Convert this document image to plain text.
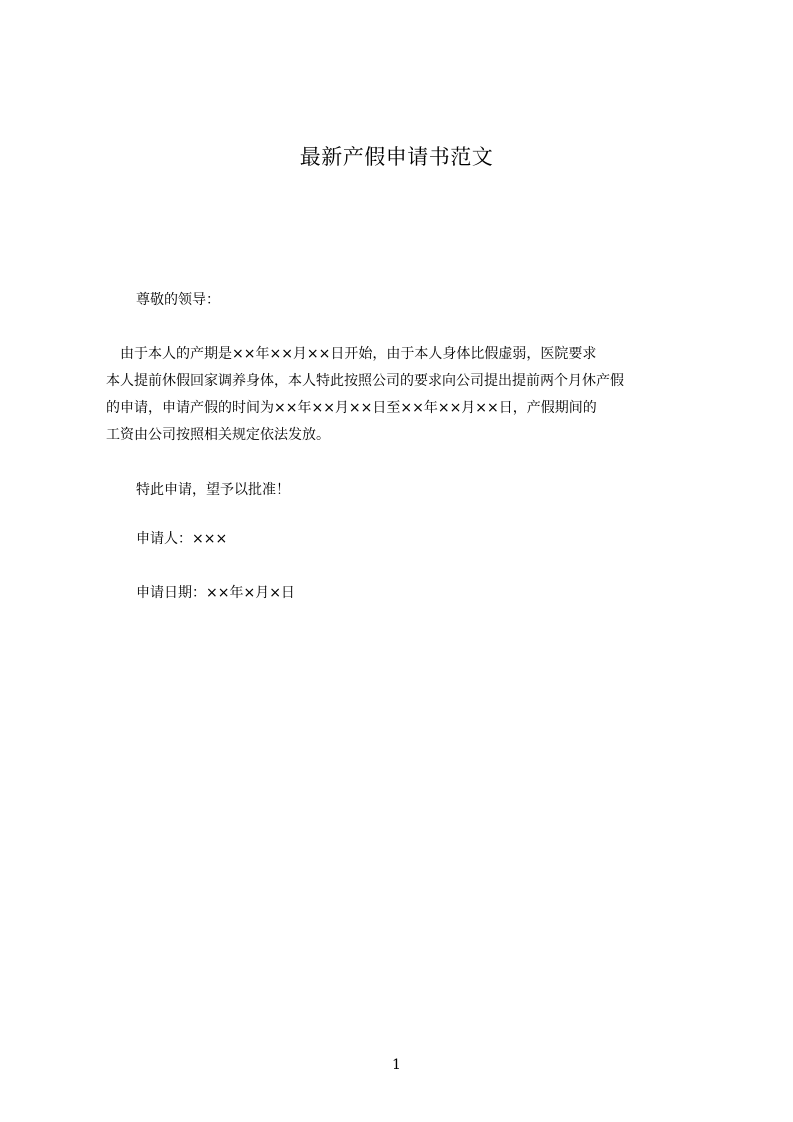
最新产假申请书范文
尊敬的领导：
　由于本人的产期是××年××月××日开始，由于本人身体比假虚弱，医院要求
本人提前休假回家调养身体，本人特此按照公司的要求向公司提出提前两个月休产假
的申请，申请产假的时间为××年××月××日至××年××月××日，产假期间的
工资由公司按照相关规定依法发放。
特此申请，望予以批准！
申请人：×××
申请日期：××年×月×日
1
